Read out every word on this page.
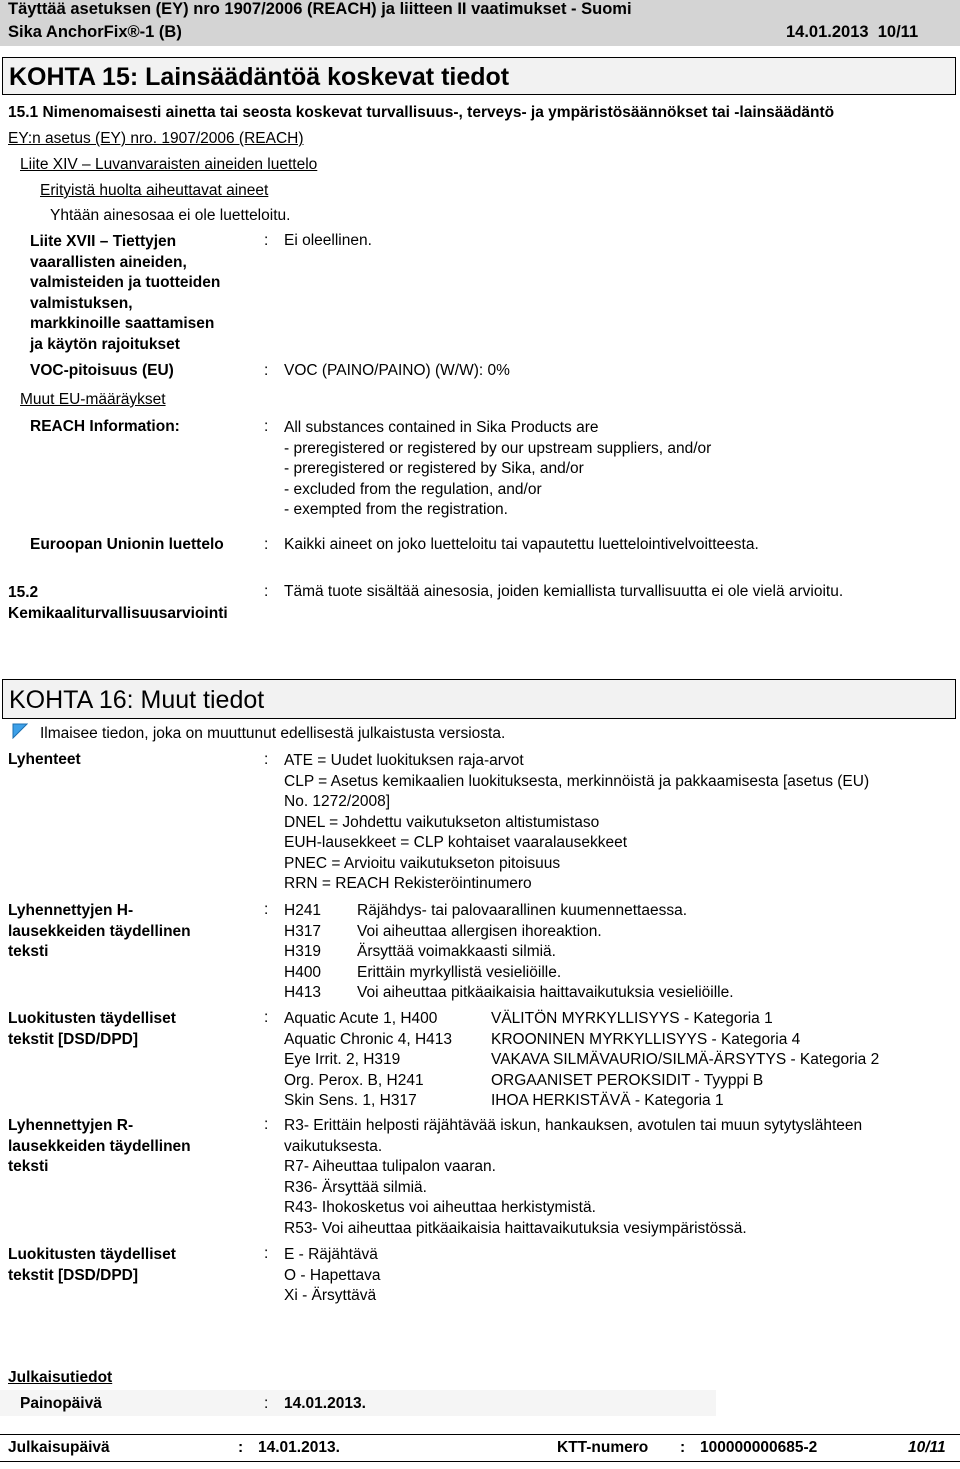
Täyttää asetuksen (EY) nro 1907/2006 (REACH) ja liitteen II vaatimukset - Suomi
Sika AnchorFix®-1 (B)	14.01.2013  10/11
KOHTA 15: Lainsäädäntöä koskevat tiedot
15.1 Nimenomaisesti ainetta tai seosta koskevat turvallisuus-, terveys- ja ympäristösäännökset tai -lainsäädäntö
EY:n asetus (EY) nro. 1907/2006 (REACH)
Liite XIV – Luvanvaraisten aineiden luettelo
Erityistä huolta aiheuttavat aineet
Yhtään ainesosaa ei ole luetteloitu.
Liite XVII – Tiettyjen
vaarallisten aineiden,
valmisteiden ja tuotteiden
valmistuksen,
markkinoille saattamisen
ja käytön rajoitukset
: Ei oleellinen.
VOC-pitoisuus (EU)	: VOC (PAINO/PAINO) (W/W): 0%
Muut EU-määräykset
REACH Information:	: All substances contained in Sika Products are
- preregistered or registered by our upstream suppliers, and/or
- preregistered or registered by Sika, and/or
- excluded from the regulation, and/or
- exempted from the registration.
Euroopan Unionin luettelo	: Kaikki aineet on joko luetteloitu tai vapautettu luettelointivelvoitteesta.
15.2
Kemikaaliturvallisuusarviointi
: Tämä tuote sisältää ainesosia, joiden kemiallista turvallisuutta ei ole vielä arvioitu.
KOHTA 16: Muut tiedot
Ilmaisee tiedon, joka on muuttunut edellisestä julkaistusta versiosta.
Lyhenteet	: ATE = Uudet luokituksen raja-arvot
CLP = Asetus kemikaalien luokituksesta, merkinnöistä ja pakkaamisesta [asetus (EU)
No. 1272/2008]
DNEL = Johdettu vaikutukseton altistumistaso
EUH-lausekkeet = CLP kohtaiset vaaralausekkeet
PNEC = Arvioitu vaikutukseton pitoisuus
RRN = REACH Rekisteröintinumero
Lyhennettyjen H-
lausekkeiden täydellinen
teksti
: H241	Räjähdys- tai palovaarallinen kuumennettaessa.
H317	Voi aiheuttaa allergisen ihoreaktion.
H319	Ärsyttää voimakkaasti silmiä.
H400	Erittäin myrkyllistä vesieliöille.
H413	Voi aiheuttaa pitkäaikaisia haittavaikutuksia vesieliöille.
Luokitusten täydelliset
tekstit [DSD/DPD]
: Aquatic Acute 1, H400	VÄLITÖN MYRKYLLISYYS - Kategoria 1
Aquatic Chronic 4, H413	KROONINEN MYRKYLLISYYS - Kategoria 4
Eye Irrit. 2, H319	VAKAVA SILMÄVAURIO/SILMÄ-ÄRSYTYS - Kategoria 2
Org. Perox. B, H241	ORGAANISET PEROKSIDIT - Tyyppi B
Skin Sens. 1, H317	IHOA HERKISTÄVÄ - Kategoria 1
Lyhennettyjen R-
lausekkeiden täydellinen
teksti
: R3- Erittäin helposti räjähtävää iskun, hankauksen, avotulen tai muun sytytyslähteen
vaikutuksesta.
R7- Aiheuttaa tulipalon vaaran.
R36- Ärsyttää silmiä.
R43- Ihokosketus voi aiheuttaa herkistymistä.
R53- Voi aiheuttaa pitkäaikaisia haittavaikutuksia vesiympäristössä.
Luokitusten täydelliset
tekstit [DSD/DPD]
: E - Räjähtävä
O - Hapettava
Xi - Ärsyttävä
Julkaisutiedot
Painopäivä	: 14.01.2013.
Julkaisupäivä	: 14.01.2013.	KTT-numero : 100000000685-2	10/11
